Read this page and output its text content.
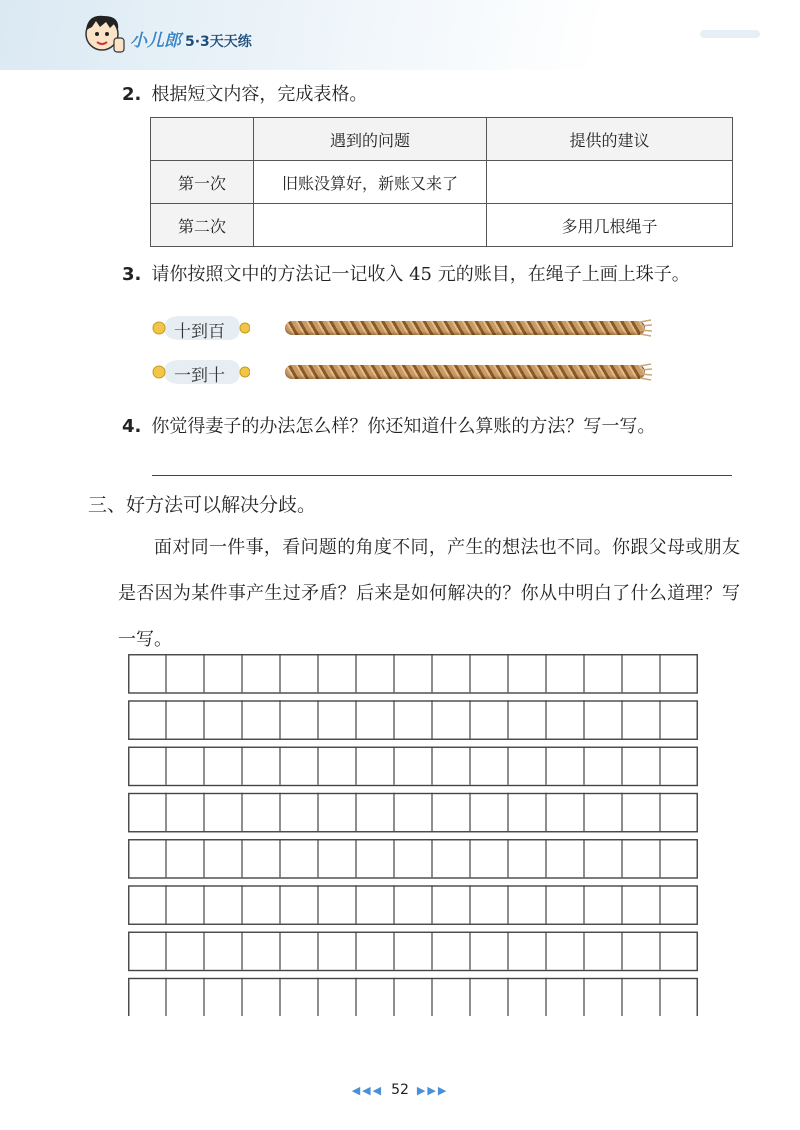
小儿郎 5·3天天练
2. 根据短文内容，完成表格。
	遇到的问题	提供的建议
第一次	旧账没算好，新账又来了	
第二次		多用几根绳子
3. 请你按照文中的方法记一记收入 45 元的账目，在绳子上画上珠子。
十到百
一到十
4. 你觉得妻子的办法怎么样？你还知道什么算账的方法？写一写。
三、好方法可以解决分歧。
面对同一件事，看问题的角度不同，产生的想法也不同。你跟父母或朋友是否因为某件事产生过矛盾？后来是如何解决的？你从中明白了什么道理？写一写。
◀◀◀ 52 ▶▶▶
